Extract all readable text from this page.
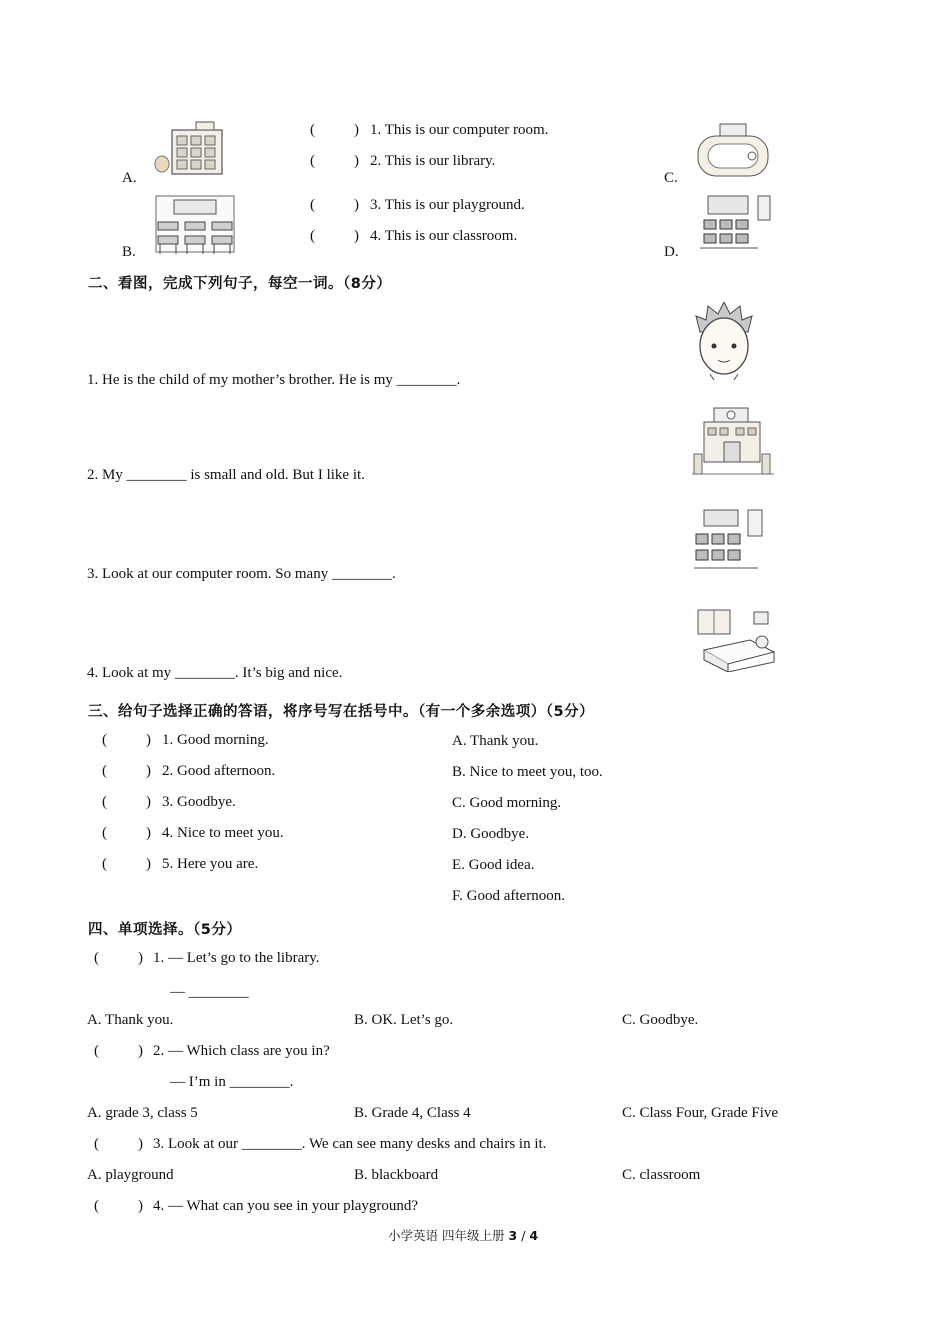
A.
B.
C.
D.
(	) 1. This is our computer room.
(	) 2. This is our library.
(	) 3. This is our playground.
(	) 4. This is our classroom.
二、看图，完成下列句子，每空一词。（8分）
1. He is the child of my mother’s brother. He is my ________.
2. My ________ is small and old. But I like it.
3. Look at our computer room. So many ________.
4. Look at my ________. It’s big and nice.
三、给句子选择正确的答语，将序号写在括号中。（有一个多余选项）（5分）
(	) 1. Good morning.
(	) 2. Good afternoon.
(	) 3. Goodbye.
(	) 4. Nice to meet you.
(	) 5. Here you are.
A. Thank you.
B. Nice to meet you, too.
C. Good morning.
D. Goodbye.
E. Good idea.
F. Good afternoon.
四、单项选择。（5分）
(	) 1. — Let’s go to the library.
— ________
A. Thank you.	B. OK. Let’s go.	C. Goodbye.
(	) 2. — Which class are you in?
— I’m in ________.
A. grade 3, class 5	B. Grade 4, Class 4	C. Class Four, Grade Five
(	) 3. Look at our ________. We can see many desks and chairs in it.
A. playground	B. blackboard	C. classroom
(	) 4. — What can you see in your playground?
小学英语 四年级上册 3 / 4
